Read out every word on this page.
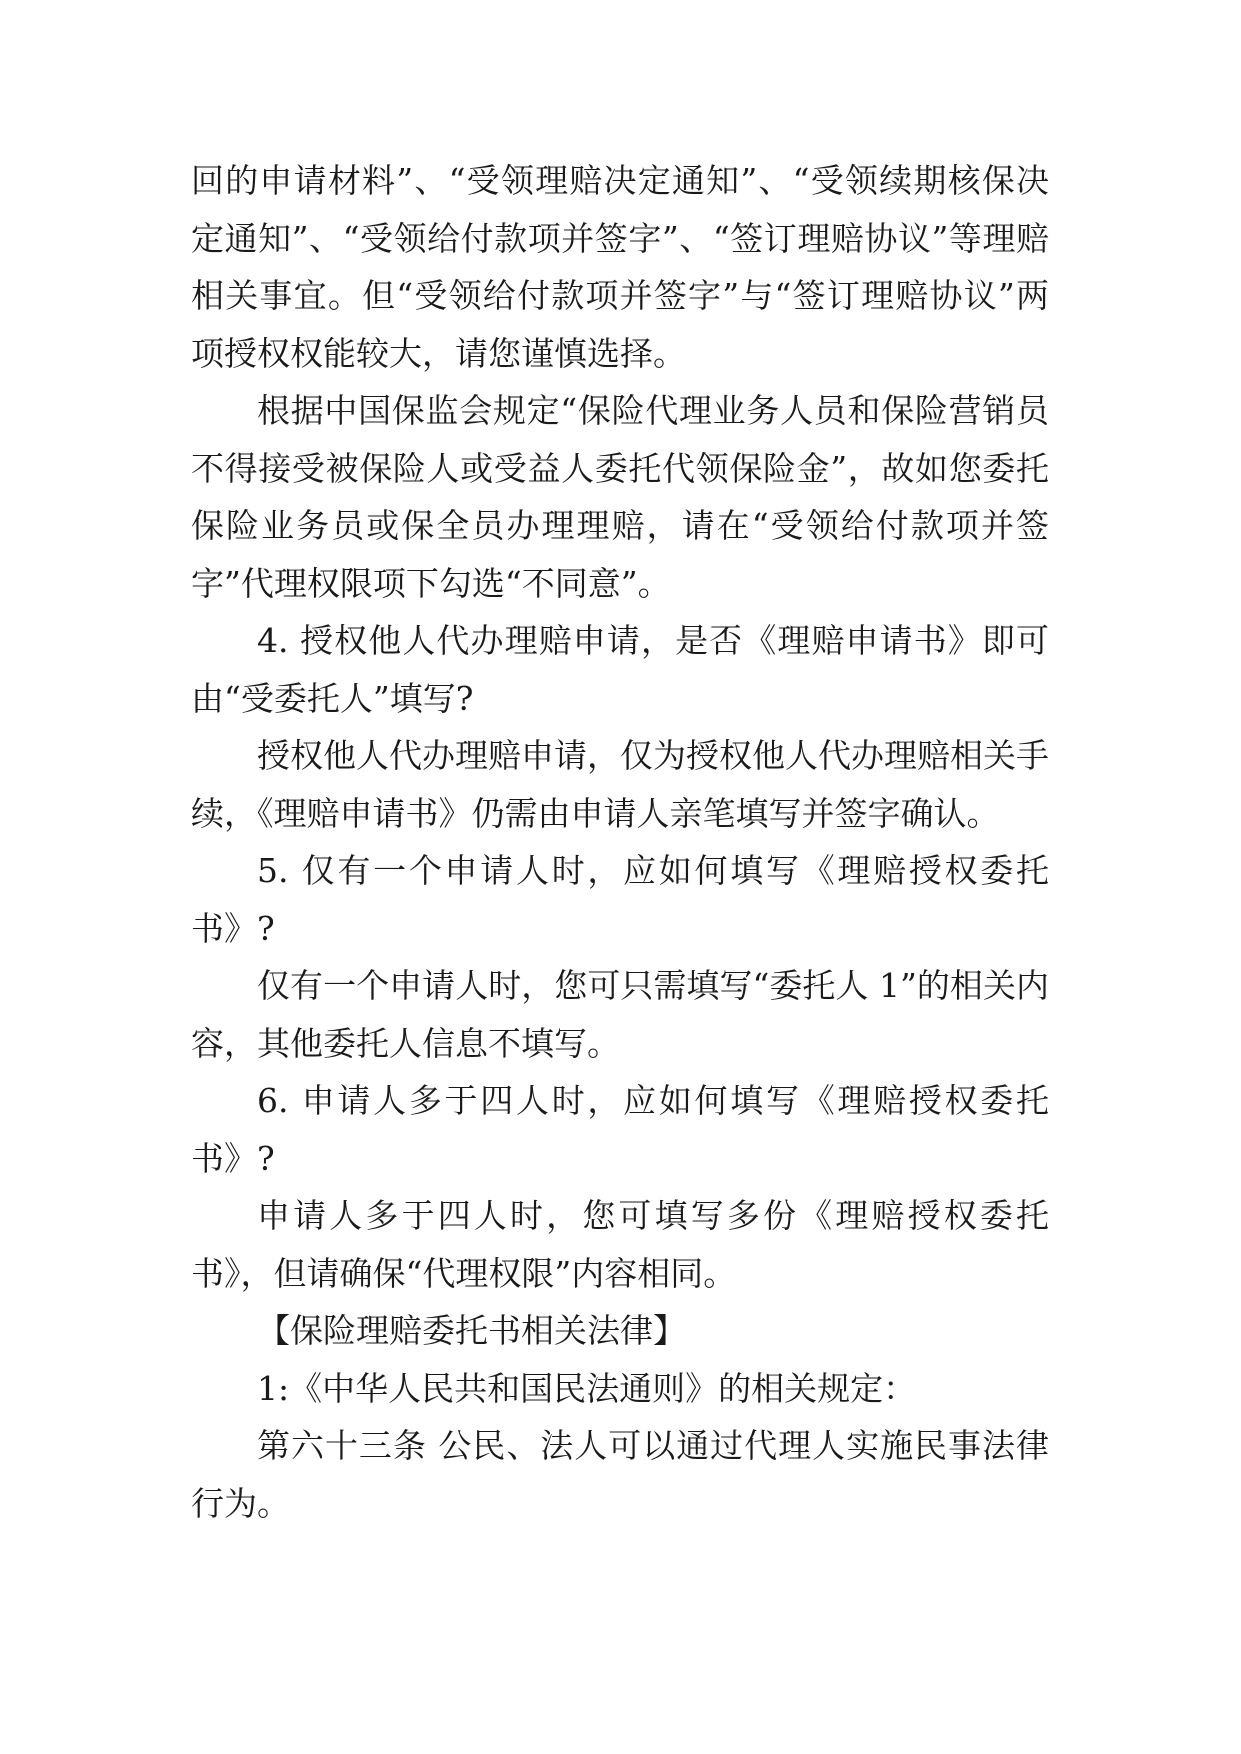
回的申请材料”、“受领理赔决定通知”、“受领续期核保决定通知”、“受领给付款项并签字”、“签订理赔协议”等理赔相关事宜。但“受领给付款项并签字”与“签订理赔协议”两项授权权能较大，请您谨慎选择。

根据中国保监会规定“保险代理业务人员和保险营销员不得接受被保险人或受益人委托代领保险金”，故如您委托保险业务员或保全员办理理赔，请在“受领给付款项并签字”代理权限项下勾选“不同意”。

4. 授权他人代办理赔申请，是否《理赔申请书》即可由“受委托人”填写?

授权他人代办理赔申请，仅为授权他人代办理赔相关手续，《理赔申请书》仍需由申请人亲笔填写并签字确认。

5. 仅有一个申请人时，应如何填写《理赔授权委托书》?

仅有一个申请人时，您可只需填写“委托人 1”的相关内容，其他委托人信息不填写。

6. 申请人多于四人时，应如何填写《理赔授权委托书》?

申请人多于四人时，您可填写多份《理赔授权委托书》，但请确保“代理权限”内容相同。

【保险理赔委托书相关法律】

1:《中华人民共和国民法通则》的相关规定：

第六十三条 公民、法人可以通过代理人实施民事法律行为。
